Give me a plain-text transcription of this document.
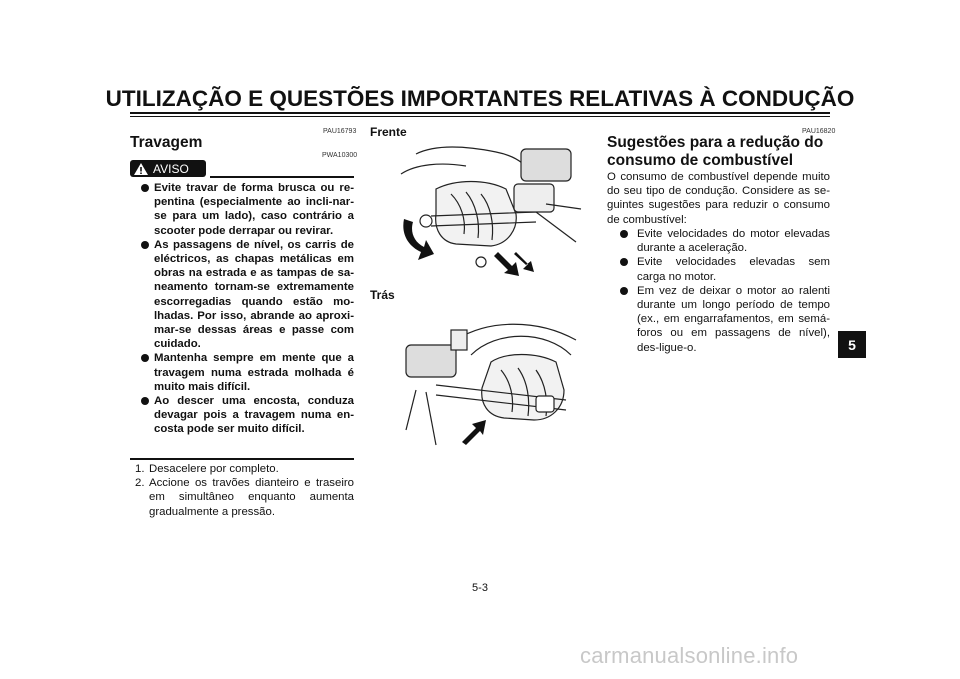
UTILIZAÇÃO E QUESTÕES IMPORTANTES RELATIVAS À CONDUÇÃO
PAU16793
Travagem
PWA10300
AVISO
Evite travar de forma brusca ou re-pentina (especialmente ao incli-nar-se para um lado), caso contrário a scooter pode derrapar ou revirar.
As passagens de nível, os carris de eléctricos, as chapas metálicas em obras na estrada e as tampas de sa-neamento tornam-se extremamente escorregadias quando estão mo-lhadas. Por isso, abrande ao aproxi-mar-se dessas áreas e passe com cuidado.
Mantenha sempre em mente que a travagem numa estrada molhada é muito mais difícil.
Ao descer uma encosta, conduza devagar pois a travagem numa en-costa pode ser muito difícil.
1. Desacelere por completo.
2. Accione os travões dianteiro e traseiro em simultâneo enquanto aumenta gradualmente a pressão.
Frente
Trás
PAU16820
Sugestões para a redução do
consumo de combustível
O consumo de combustível depende muito do seu tipo de condução. Considere as se-guintes sugestões para reduzir o consumo de combustível:
Evite velocidades do motor elevadas durante a aceleração.
Evite velocidades elevadas sem carga no motor.
Em vez de deixar o motor ao ralenti durante um longo período de tempo (ex., em engarrafamentos, em semá-foros ou em passagens de nível), des-ligue-o.	5
5-3
carmanualsonline.info
